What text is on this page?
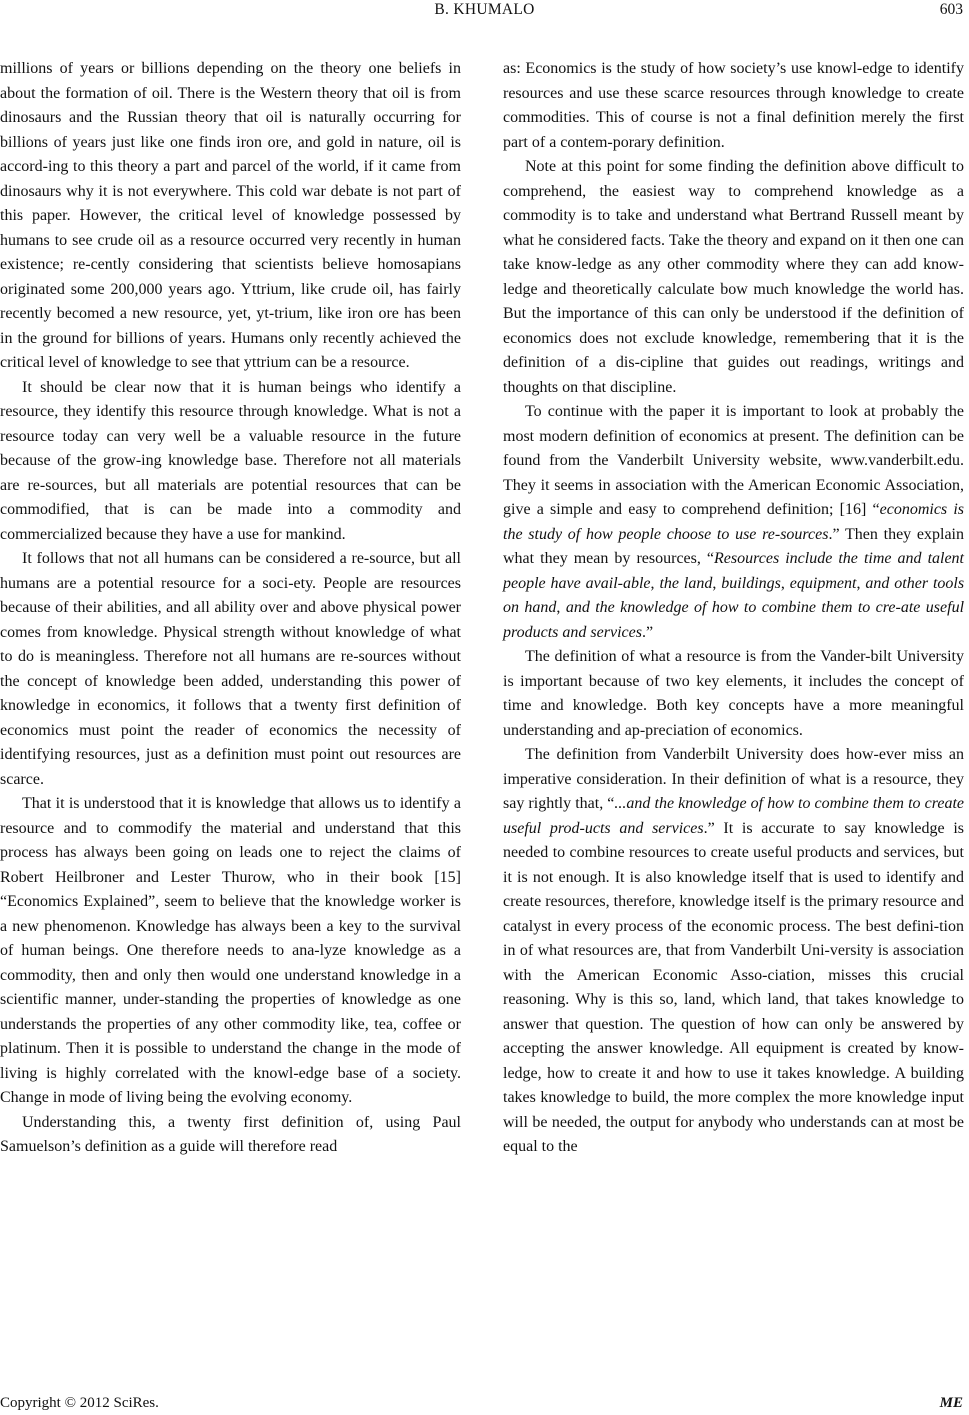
B. KHUMALO	603

millions of years or billions depending on the theory one beliefs in about the formation of oil. There is the Western theory that oil is from dinosaurs and the Russian theory that oil is naturally occurring for billions of years just like one finds iron ore, and gold in nature, oil is accord-ing to this theory a part and parcel of the world, if it came from dinosaurs why it is not everywhere. This cold war debate is not part of this paper. However, the critical level of knowledge possessed by humans to see crude oil as a resource occurred very recently in human existence; re-cently considering that scientists believe homosapians originated some 200,000 years ago. Yttrium, like crude oil, has fairly recently becomed a new resource, yet, yt-trium, like iron ore has been in the ground for billions of years. Humans only recently achieved the critical level of knowledge to see that yttrium can be a resource.

It should be clear now that it is human beings who identify a resource, they identify this resource through knowledge. What is not a resource today can very well be a valuable resource in the future because of the grow-ing knowledge base. Therefore not all materials are re-sources, but all materials are potential resources that can be commodified, that is can be made into a commodity and commercialized because they have a use for mankind.

It follows that not all humans can be considered a re-source, but all humans are a potential resource for a soci-ety. People are resources because of their abilities, and all ability over and above physical power comes from knowledge. Physical strength without knowledge of what to do is meaningless. Therefore not all humans are re-sources without the concept of knowledge been added, understanding this power of knowledge in economics, it follows that a twenty first definition of economics must point the reader of economics the necessity of identifying resources, just as a definition must point out resources are scarce.

That it is understood that it is knowledge that allows us to identify a resource and to commodify the material and understand that this process has always been going on leads one to reject the claims of Robert Heilbroner and Lester Thurow, who in their book [15] “Economics Explained”, seem to believe that the knowledge worker is a new phenomenon. Knowledge has always been a key to the survival of human beings. One therefore needs to ana-lyze knowledge as a commodity, then and only then would one understand knowledge in a scientific manner, under-standing the properties of knowledge as one understands the properties of any other commodity like, tea, coffee or platinum. Then it is possible to understand the change in the mode of living is highly correlated with the knowl-edge base of a society. Change in mode of living being the evolving economy.

Understanding this, a twenty first definition of, using Paul Samuelson’s definition as a guide will therefore read

as: Economics is the study of how society’s use knowl-edge to identify resources and use these scarce resources through knowledge to create commodities. This of course is not a final definition merely the first part of a contem-porary definition.

Note at this point for some finding the definition above difficult to comprehend, the easiest way to comprehend knowledge as a commodity is to take and understand what Bertrand Russell meant by what he considered facts. Take the theory and expand on it then one can take know-ledge as any other commodity where they can add know-ledge and theoretically calculate bow much knowledge the world has. But the importance of this can only be understood if the definition of economics does not exclude knowledge, remembering that it is the definition of a dis-cipline that guides out readings, writings and thoughts on that discipline.

To continue with the paper it is important to look at probably the most modern definition of economics at present. The definition can be found from the Vanderbilt University website, www.vanderbilt.edu. They it seems in association with the American Economic Association, give a simple and easy to comprehend definition; [16] “economics is the study of how people choose to use re-sources.” Then they explain what they mean by resources, “Resources include the time and talent people have avail-able, the land, buildings, equipment, and other tools on hand, and the knowledge of how to combine them to cre-ate useful products and services.”

The definition of what a resource is from the Vander-bilt University is important because of two key elements, it includes the concept of time and knowledge. Both key concepts have a more meaningful understanding and ap-preciation of economics.

The definition from Vanderbilt University does how-ever miss an imperative consideration. In their definition of what is a resource, they say rightly that, “...and the knowledge of how to combine them to create useful prod-ucts and services.” It is accurate to say knowledge is needed to combine resources to create useful products and services, but it is not enough. It is also knowledge itself that is used to identify and create resources, therefore, knowledge itself is the primary resource and catalyst in every process of the economic process. The best defini-tion in of what resources are, that from Vanderbilt Uni-versity is association with the American Economic Asso-ciation, misses this crucial reasoning. Why is this so, land, which land, that takes knowledge to answer that question. The question of how can only be answered by accepting the answer knowledge. All equipment is created by know-ledge, how to create it and how to use it takes knowledge. A building takes knowledge to build, the more complex the more knowledge input will be needed, the output for anybody who understands can at most be equal to the

Copyright © 2012 SciRes.	ME
